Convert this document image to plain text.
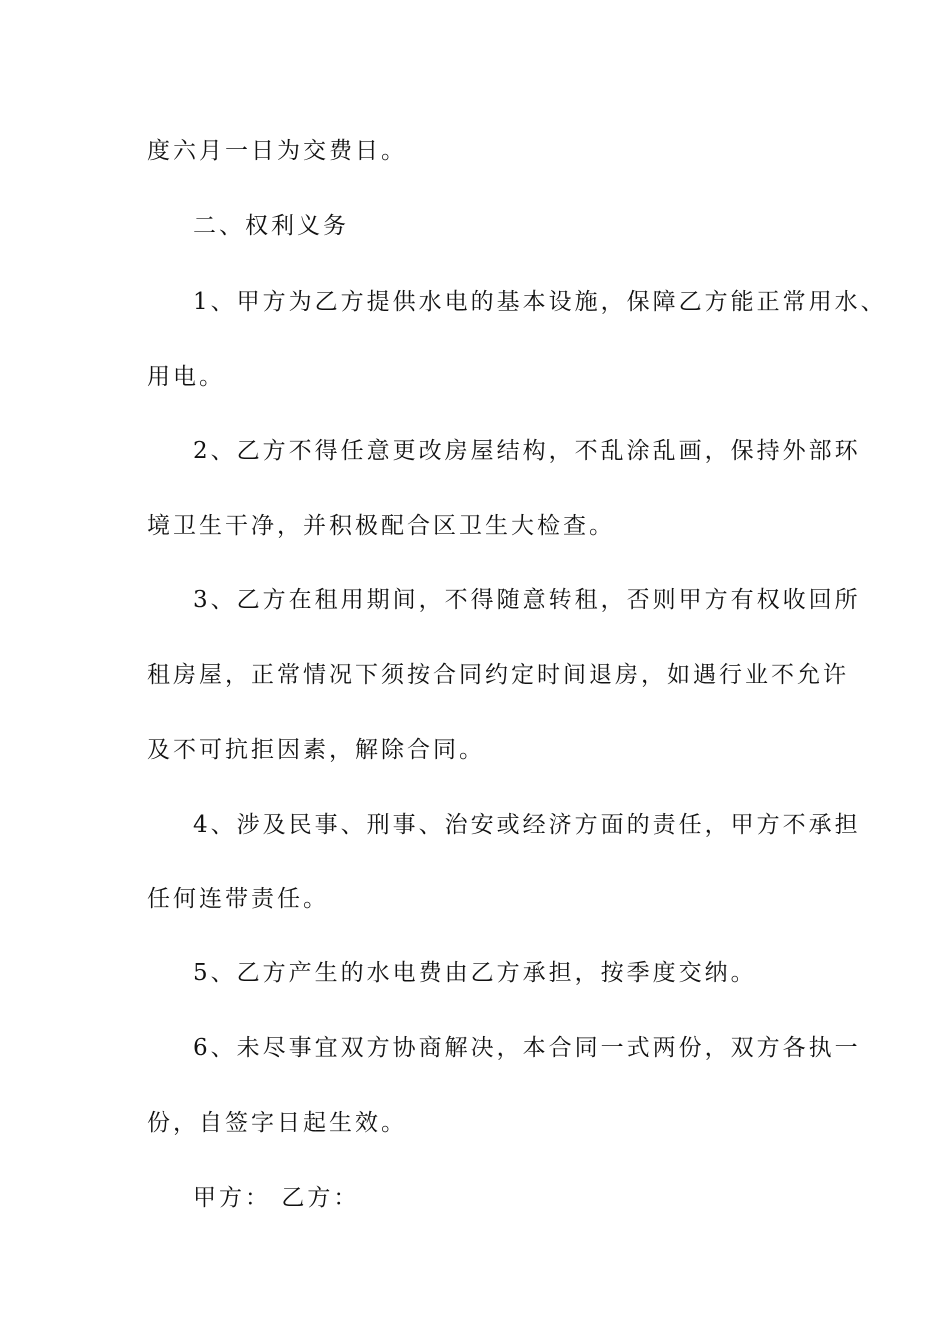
度六月一日为交费日。

二、权利义务

1、甲方为乙方提供水电的基本设施，保障乙方能正常用水、

用电。

2、乙方不得任意更改房屋结构，不乱涂乱画，保持外部环

境卫生干净，并积极配合区卫生大检查。

3、乙方在租用期间，不得随意转租，否则甲方有权收回所

租房屋，正常情况下须按合同约定时间退房，如遇行业不允许

及不可抗拒因素，解除合同。

4、涉及民事、刑事、治安或经济方面的责任，甲方不承担

任何连带责任。

5、乙方产生的水电费由乙方承担，按季度交纳。

6、未尽事宜双方协商解决，本合同一式两份，双方各执一

份，自签字日起生效。

甲方： 乙方：
